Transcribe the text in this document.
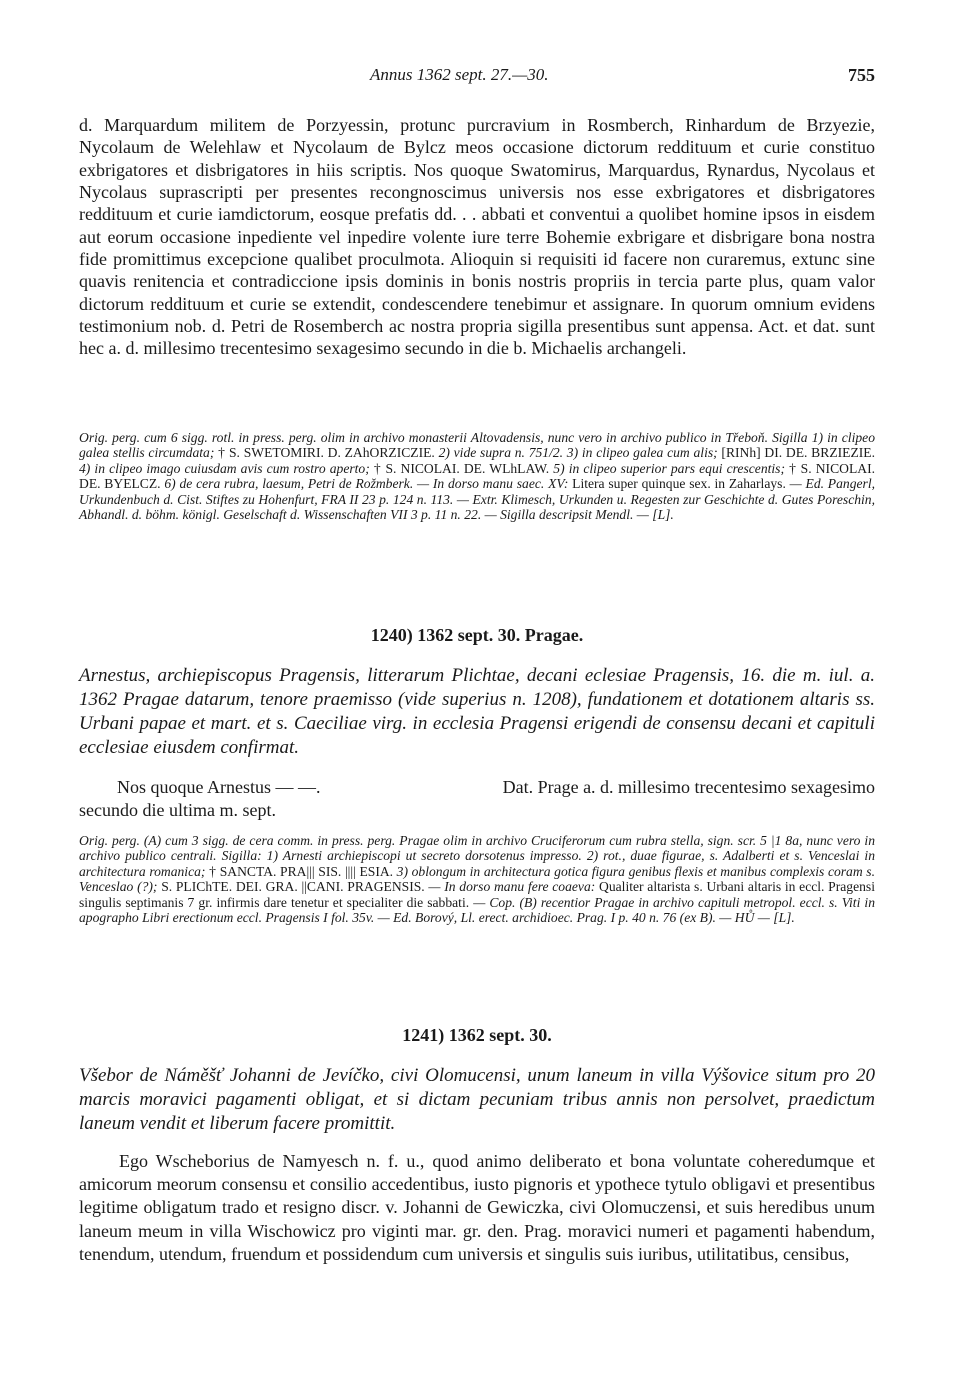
Annus 1362 sept. 27.—30.	755

d. Marquardum militem de Porzyessin, protunc purcravium in Rosmberch, Rinhardum de Brzyezie, Nycolaum de Welehlaw et Nycolaum de Bylcz meos occasione dictorum reddituum et curie constituo exbrigatores et disbrigatores in hiis scriptis. Nos quoque Swatomirus, Marquardus, Rynardus, Nycolaus et Nycolaus suprascripti per presentes recongnoscimus universis nos esse exbrigatores et disbrigatores reddituum et curie iamdictorum, eosque prefatis dd. . . abbati et conventui a quolibet homine ipsos in eisdem aut eorum occasione inpediente vel inpedire volente iure terre Bohemie exbrigare et disbrigare bona nostra fide promittimus excepcione qualibet proculmota. Alioquin si requisiti id facere non curaremus, extunc sine quavis renitencia et contradiccione ipsis dominis in bonis nostris propriis in tercia parte plus, quam valor dictorum reddituum et curie se extendit, condescendere tenebimur et assignare. In quorum omnium evidens testimonium nob. d. Petri de Rosemberch ac nostra propria sigilla presentibus sunt appensa. Act. et dat. sunt hec a. d. millesimo trecentesimo sexagesimo secundo in die b. Michaelis archangeli.

Orig. perg. cum 6 sigg. rotl. in press. perg. olim in archivo monasterii Altovadensis, nunc vero in archivo publico in Třeboň. Sigilla 1) in clipeo galea stellis circumdata; † S. SWETOMIRI. D. ZAhORZICZIE. 2) vide supra n. 751/2. 3) in clipeo galea cum alis; [RINh] DI. DE. BRZIEZIE. 4) in clipeo imago cuiusdam avis cum rostro aperto; † S. NICOLAI. DE. WLhLAW. 5) in clipeo superior pars equi crescentis; † S. NICOLAI. DE. BYELCZ. 6) de cera rubra, laesum, Petri de Rožmberk. — In dorso manu saec. XV: Litera super quinque sex. in Zaharlays. — Ed. Pangerl, Urkundenbuch d. Cist. Stiftes zu Hohenfurt, FRA II 23 p. 124 n. 113. — Extr. Klimesch, Urkunden u. Regesten zur Geschichte d. Gutes Poreschin, Abhandl. d. böhm. königl. Geselschaft d. Wissenschaften VII 3 p. 11 n. 22. — Sigilla descripsit Mendl. — [L].

1240) 1362 sept. 30. Pragae.

Arnestus, archiepiscopus Pragensis, litterarum Plichtae, decani eclesiae Pragensis, 16. die m. iul. a. 1362 Pragae datarum, tenore praemisso (vide superius n. 1208), fundationem et dotationem altaris ss. Urbani papae et mart. et s. Caeciliae virg. in ecclesia Pragensi erigendi de consensu decani et capituli ecclesiae eiusdem confirmat.

Nos quoque Arnestus — —.	Dat. Prage a. d. millesimo trecentesimo sexagesimo
secundo die ultima m. sept.

Orig. perg. (A) cum 3 sigg. de cera comm. in press. perg. Pragae olim in archivo Cruciferorum cum rubra stella, sign. scr. 5 |1 8a, nunc vero in archivo publico centrali. Sigilla: 1) Arnesti archiepiscopi ut secreto dorsotenus impresso. 2) rot., duae figurae, s. Adalberti et s. Venceslai in architectura romanica; † SANCTA. PRA||| SIS. |||| ESIA. 3) oblongum in architectura gotica figura genibus flexis et manibus complexis coram s. Venceslao (?); S. PLIChTE. DEI. GRA. ||CANI. PRAGENSIS. — In dorso manu fere coaeva: Qualiter altarista s. Urbani altaris in eccl. Pragensi singulis septimanis 7 gr. infirmis dare tenetur et specialiter die sabbati. — Cop. (B) recentior Pragae in archivo capituli metropol. eccl. s. Viti in apographo Libri erectionum eccl. Pragensis I fol. 35v. — Ed. Borový, Ll. erect. archidioec. Prag. I p. 40 n. 76 (ex B). — HŮ — [L].

1241) 1362 sept. 30.

Všebor de Náměšť Johanni de Jevíčko, civi Olomucensi, unum laneum in villa Výšovice situm pro 20 marcis moravici pagamenti obligat, et si dictam pecuniam tribus annis non persolvet, praedictum laneum vendit et liberum facere promittit.

Ego Wscheborius de Namyesch n. f. u., quod animo deliberato et bona voluntate coheredumque et amicorum meorum consensu et consilio accedentibus, iusto pignoris et ypothece tytulo obligavi et presentibus legitime obligatum trado et resigno discr. v. Johanni de Gewiczka, civi Olomuczensi, et suis heredibus unum laneum meum in villa Wischowicz pro viginti mar. gr. den. Prag. moravici numeri et pagamenti habendum, tenendum, utendum, fruendum et possidendum cum universis et singulis suis iuribus, utilitatibus, censibus,
